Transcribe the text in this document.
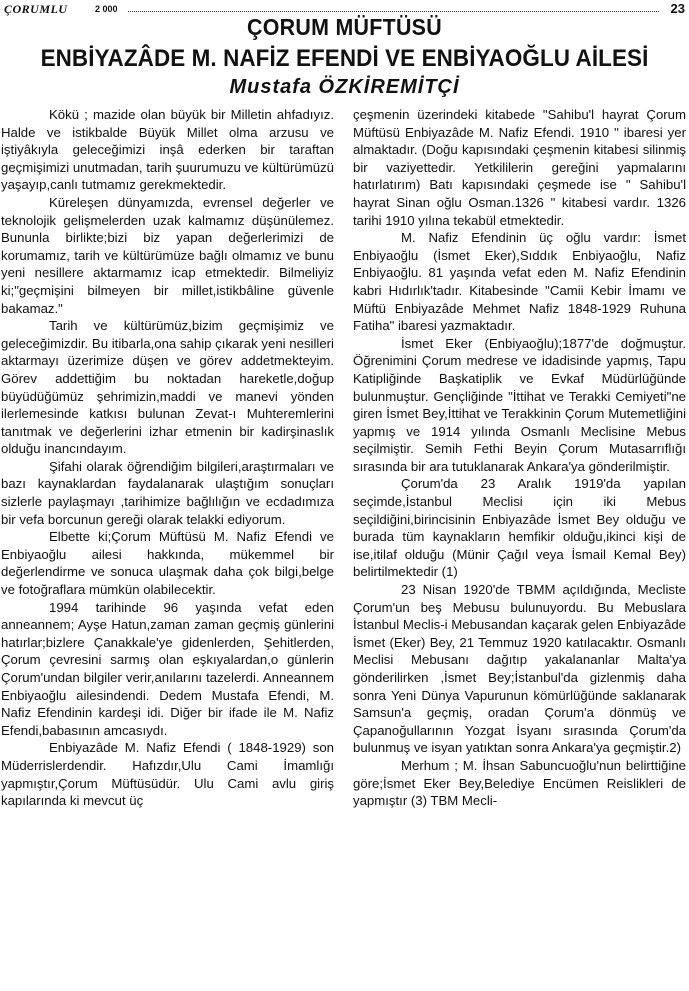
ÇORUMLU	2 000	23
ÇORUM MÜFTÜSÜ
ENBİYAZÂDE M. NAFİZ EFENDİ VE ENBİYAOĞLU AİLESİ
Mustafa ÖZKİREMİTÇİ

Kökü ; mazide olan büyük bir Milletin ahfadıyız. Halde ve istikbalde Büyük Millet olma arzusu ve iştiyâkıyla geleceğimizi inşâ ederken bir taraftan geçmişimizi unutmadan, tarih şuurumuzu ve kültürümüzü yaşayıp,canlı tutmamız gerekmektedir.

Küreleşen dünyamızda, evrensel değerler ve teknolojik gelişmelerden uzak kalmamız düşünülemez. Bununla birlikte;bizi biz yapan değerlerimizi de korumamız, tarih ve kültürümüze bağlı olmamız ve bunu yeni nesillere aktarmamız icap etmektedir. Bilmeliyiz ki;"geçmişini bilmeyen bir millet,istikbâline güvenle bakamaz."

Tarih ve kültürümüz,bizim geçmişimiz ve geleceğimizdir. Bu itibarla,ona sahip çıkarak yeni nesilleri aktarmayı üzerimize düşen ve görev addetmekteyim. Görev addettiğim bu noktadan hareketle,doğup büyüdüğümüz şehrimizin,maddi ve manevi yönden ilerlemesinde katkısı bulunan Zevat-ı Muhteremlerini tanıtmak ve değerlerini izhar etmenin bir kadirşinaslık olduğu inancındayım.

Şifahi olarak öğrendiğim bilgileri,araştırmaları ve bazı kaynaklardan faydalanarak ulaştığım sonuçları sizlerle paylaşmayı ,tarihimize bağlılığın ve ecdadımıza bir vefa borcunun gereği olarak telakki ediyorum.

Elbette ki;Çorum Müftüsü M. Nafiz Efendi ve Enbiyaoğlu ailesi hakkında, mükemmel bir değerlendirme ve sonuca ulaşmak daha çok bilgi,belge ve fotoğraflara mümkün olabilecektir.

1994 tarihinde 96 yaşında vefat eden anneannem; Ayşe Hatun,zaman zaman geçmiş günlerini hatırlar;bizlere Çanakkale'ye gidenlerden, Şehitlerden, Çorum çevresini sarmış olan eşkıyalardan,o günlerin Çorum'undan bilgiler verir,anılarını tazelerdi. Anneannem Enbiyaoğlu ailesindendi. Dedem Mustafa Efendi, M. Nafiz Efendinin kardeşi idi. Diğer bir ifade ile M. Nafiz Efendi,babasının amcasıydı.

Enbiyazâde M. Nafiz Efendi ( 1848-1929) son Müderrislerdendir. Hafızdır,Ulu Cami İmamlığı yapmıştır,Çorum Müftüsüdür. Ulu Cami avlu giriş kapılarında ki mevcut üç

çeşmenin üzerindeki kitabede "Sahibu'l hayrat Çorum Müftüsü Enbiyazâde M. Nafiz Efendi. 1910 " ibaresi yer almaktadır. (Doğu kapısındaki çeşmenin kitabesi silinmiş bir vaziyettedir. Yetkililerin gereğini yapmalarını hatırlatırım) Batı kapısındaki çeşmede ise " Sahibu'l hayrat Sinan oğlu Osman.1326 " kitabesi vardır. 1326 tarihi 1910 yılına tekabül etmektedir.

M. Nafiz Efendinin üç oğlu vardır: İsmet Enbiyaoğlu (İsmet Eker),Sıddık Enbiyaoğlu, Nafiz Enbiyaoğlu. 81 yaşında vefat eden M. Nafiz Efendinin kabri Hıdırlık'tadır. Kitabesinde "Camii Kebir İmamı ve Müftü Enbiyazâde Mehmet Nafiz 1848-1929 Ruhuna Fatiha" ibaresi yazmaktadır.

İsmet Eker (Enbiyaoğlu);1877'de doğmuştur. Öğrenimini Çorum medrese ve idadisinde yapmış, Tapu Katipliğinde Başkatiplik ve Evkaf Müdürlüğünde bulunmuştur. Gençliğinde "İttihat ve Terakki Cemiyeti"ne giren İsmet Bey,İttihat ve Terakkinin Çorum Mutemetliğini yapmış ve 1914 yılında Osmanlı Meclisine Mebus seçilmiştir. Semih Fethi Beyin Çorum Mutasarrıflığı sırasında bir ara tutuklanarak Ankara'ya gönderilmiştir.

Çorum'da 23 Aralık 1919'da yapılan seçimde,İstanbul Meclisi için iki Mebus seçildiğini,birincisinin Enbiyazâde İsmet Bey olduğu ve burada tüm kaynakların hemfikir olduğu,ikinci kişi de ise,itilaf olduğu (Münir Çağıl veya İsmail Kemal Bey) belirtilmektedir (1)

23 Nisan 1920'de TBMM açıldığında, Mecliste Çorum'un beş Mebusu bulunuyordu. Bu Mebuslara İstanbul Meclis-i Mebusandan kaçarak gelen Enbiyazâde İsmet (Eker) Bey, 21 Temmuz 1920 katılacaktır. Osmanlı Meclisi Mebusanı dağıtıp yakalananlar Malta'ya gönderilirken ,İsmet Bey;İstanbul'da gizlenmiş daha sonra Yeni Dünya Vapurunun kömürlüğünde saklanarak Samsun'a geçmiş, oradan Çorum'a dönmüş ve Çapanoğullarının Yozgat İsyanı sırasında Çorum'da bulunmuş ve isyan yatıktan sonra Ankara'ya geçmiştir.2)

Merhum ; M. İhsan Sabuncuoğlu'nun belirttiğine göre;İsmet Eker Bey,Belediye Encümen Reislikleri de yapmıştır (3) TBM Mecli-
